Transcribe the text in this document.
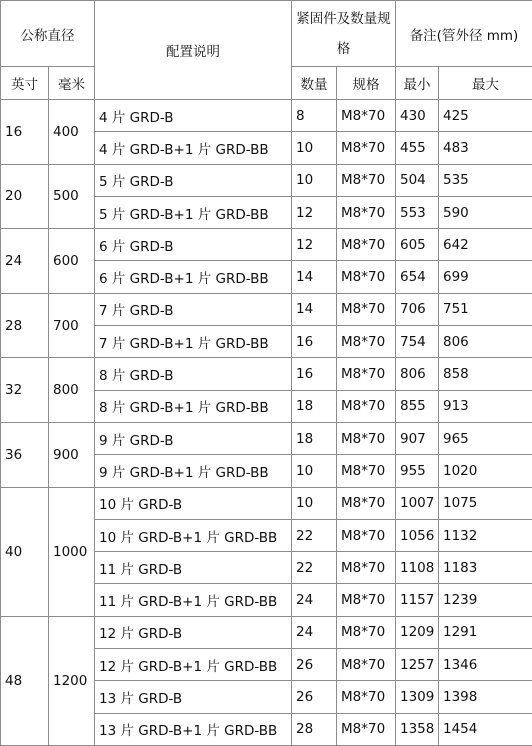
公称直径		配置说明	紧固件及数量规格		备注(管外径 mm)	
英寸	毫米		数量	规格	最小	最大
16	400	4 片 GRD-B	8	M8*70	430	425
		4 片 GRD-B+1 片 GRD-BB	10	M8*70	455	483
20	500	5 片 GRD-B	10	M8*70	504	535
		5 片 GRD-B+1 片 GRD-BB	12	M8*70	553	590
24	600	6 片 GRD-B	12	M8*70	605	642
		6 片 GRD-B+1 片 GRD-BB	14	M8*70	654	699
28	700	7 片 GRD-B	14	M8*70	706	751
		7 片 GRD-B+1 片 GRD-BB	16	M8*70	754	806
32	800	8 片 GRD-B	16	M8*70	806	858
		8 片 GRD-B+1 片 GRD-BB	18	M8*70	855	913
36	900	9 片 GRD-B	18	M8*70	907	965
		9 片 GRD-B+1 片 GRD-BB	10	M8*70	955	1020
40	1000	10 片 GRD-B	10	M8*70	1007	1075
		10 片 GRD-B+1 片 GRD-BB	22	M8*70	1056	1132
		11 片 GRD-B	22	M8*70	1108	1183
		11 片 GRD-B+1 片 GRD-BB	24	M8*70	1157	1239
48	1200	12 片 GRD-B	24	M8*70	1209	1291
		12 片 GRD-B+1 片 GRD-BB	26	M8*70	1257	1346
		13 片 GRD-B	26	M8*70	1309	1398
		13 片 GRD-B+1 片 GRD-BB	28	M8*70	1358	1454
